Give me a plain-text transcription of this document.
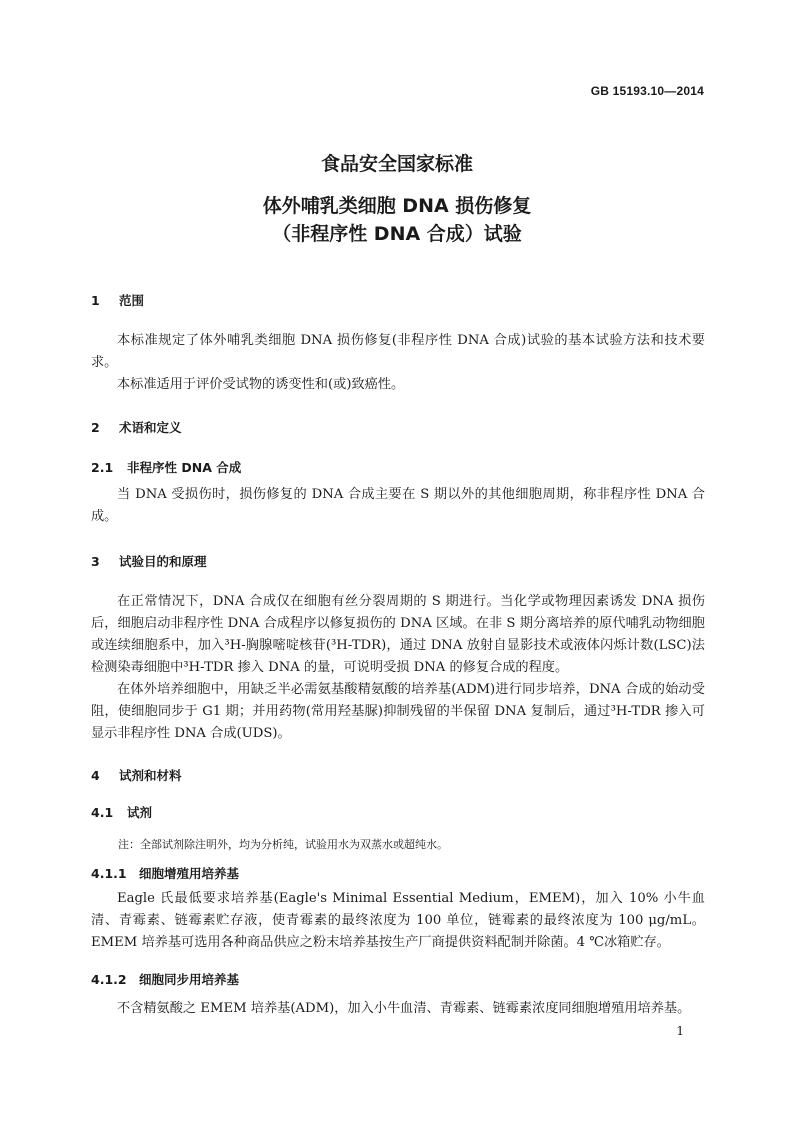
GB 15193.10—2014
食品安全国家标准
体外哺乳类细胞 DNA 损伤修复
（非程序性 DNA 合成）试验
1 范围

本标准规定了体外哺乳类细胞 DNA 损伤修复(非程序性 DNA 合成)试验的基本试验方法和技术要求。

本标准适用于评价受试物的诱变性和(或)致癌性。

2 术语和定义
2.1 非程序性 DNA 合成

当 DNA 受损伤时，损伤修复的 DNA 合成主要在 S 期以外的其他细胞周期，称非程序性 DNA 合成。

3 试验目的和原理

在正常情况下，DNA 合成仅在细胞有丝分裂周期的 S 期进行。当化学或物理因素诱发 DNA 损伤后，细胞启动非程序性 DNA 合成程序以修复损伤的 DNA 区域。在非 S 期分离培养的原代哺乳动物细胞或连续细胞系中，加入³H-胸腺嘧啶核苷(³H-TDR)，通过 DNA 放射自显影技术或液体闪烁计数(LSC)法检测染毒细胞中³H-TDR 掺入 DNA 的量，可说明受损 DNA 的修复合成的程度。

在体外培养细胞中，用缺乏半必需氨基酸精氨酸的培养基(ADM)进行同步培养，DNA 合成的始动受阻，使细胞同步于 G1 期；并用药物(常用羟基脲)抑制残留的半保留 DNA 复制后，通过³H-TDR 掺入可显示非程序性 DNA 合成(UDS)。

4 试剂和材料
4.1 试剂
注：全部试剂除注明外，均为分析纯，试验用水为双蒸水或超纯水。
4.1.1 细胞增殖用培养基

Eagle 氏最低要求培养基(Eagle's Minimal Essential Medium，EMEM)，加入 10% 小牛血清、青霉素、链霉素贮存液，使青霉素的最终浓度为 100 单位，链霉素的最终浓度为 100 μg/mL。EMEM 培养基可选用各种商品供应之粉末培养基按生产厂商提供资料配制并除菌。4 ℃冰箱贮存。

4.1.2 细胞同步用培养基

不含精氨酸之 EMEM 培养基(ADM)，加入小牛血清、青霉素、链霉素浓度同细胞增殖用培养基。

1
